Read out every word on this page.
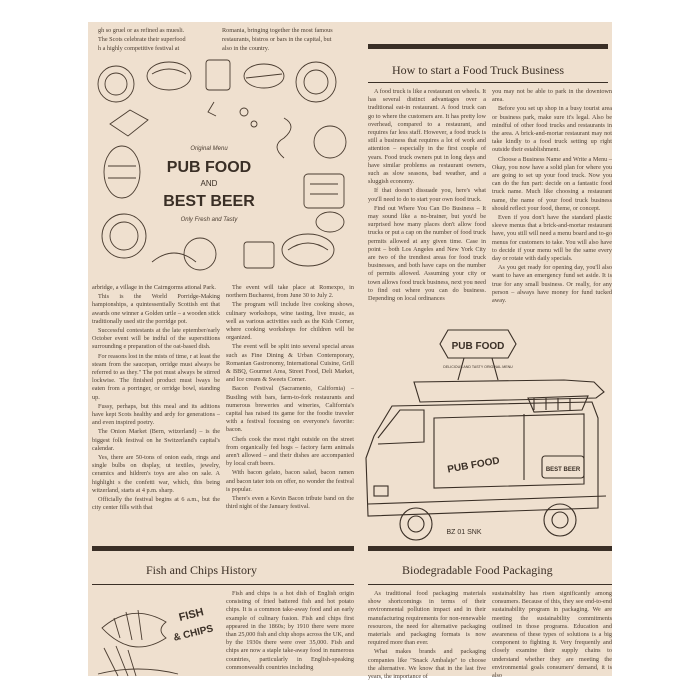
gh so gruel or as refined as muesli.

The Scots celebrate their superfood

h a highly competitive festival at

Romania, bringing together the most famous

restaurants, bistros or bars in the capital, but

also in the country.

Original Menu
PUB FOOD
AND
BEST BEER
Only Fresh and Tasty

arbridge, a village in the Cairngorms ational Park.

This is the World Porridge-Making hampionships, a quintessentially Scottish ent that awards one winner a Golden urtle – a wooden stick traditionally used stir the porridge pot.

Successful contestants at the late eptember/early October event will be indful of the superstitions surrounding e preparation of the oat-based dish.

For reasons lost in the mists of time, r at least the steam from the saucepan, orridge must always be referred to as they." The pot must always be stirred lockwise. The finished product must lways be eaten from a porringer, or orridge bowl, standing up.

Fussy, perhaps, but this meal and its aditions have kept Scots healthy and ardy for generations – and even inspired poetry.

The Onion Market (Bern, witzerland) – is the biggest folk festival on he Switzerland's capital's calendar.

Yes, there are 50-tons of onion eads, rings and single bulbs on display, ut textiles, jewelry, ceramics and hildren's toys are also on sale. A highlight s the confetti war, which, this being witzerland, starts at 4 p.m. sharp.

Officially the festival begins at 6 a.m., but the city center fills with that

The event will take place at Romexpo, in northern Bucharest, from June 30 to July 2.

The program will include live cooking shows, culinary workshops, wine tasting, live music, as well as various activities such as the Kids Corner, where cooking workshops for children will be organized.

The event will be split into several special areas such as Fine Dining & Urban Contemporary, Romanian Gastronomy, International Cuisine, Grill & BBQ, Gourmet Area, Street Food, Deli Market, and Ice cream & Sweets Corner.

Bacon Festival (Sacramento, California) – Bustling with bars, farm-to-fork restaurants and numerous breweries and wineries, California's capital has raised its game for the foodie traveler with a festival focusing on everyone's favorite: bacon.

Chefs cook the most right outside on the street from organically fed hogs – factory farm animals aren't allowed – and their dishes are accompanied by local craft beers.

With bacon gelato, bacon salad, bacon ramen and bacon tater tots on offer, no wonder the festival is popular.

There's even a Kevin Bacon tribute band on the third night of the January festival.

How to start a Food Truck Business

A food truck is like a restaurant on wheels. It has several distinct advantages over a traditional eat-in restaurant. A food truck can go to where the customers are. It has pretty low overhead, compared to a restaurant, and requires far less staff. However, a food truck is still a business that requires a lot of work and attention – especially in the first couple of years. Food truck owners put in long days and have similar problems as restaurant owners, such as slow seasons, bad weather, and a sluggish economy.

If that doesn't dissuade you, here's what you'll need to do to start your own food truck.

Find out Where You Can Do Business – It may sound like a no-brainer, but you'd be surprised how many places don't allow food trucks or put a cap on the number of food truck permits allowed at any given time. Case in point – both Los Angeles and New York City are two of the trendiest areas for food truck businesses, and both have caps on the number of permits allowed. Assuming your city or town allows food truck business, next you need to find out where you can do business. Depending on local ordinances

you may not be able to park in the downtown area.

Before you set up shop in a busy tourist area or business park, make sure it's legal. Also be mindful of other food trucks and restaurants in the area. A brick-and-mortar restaurant may not take kindly to a food truck setting up right outside their establishment.

Choose a Business Name and Write a Menu – Okay, you now have a solid plan for where you are going to set up your food truck. Now you can do the fun part: decide on a fantastic food truck name. Much like choosing a restaurant name, the name of your food truck business should reflect your food, theme, or concept.

Even if you don't have the standard plastic sleeve menus that a brick-and-mortar restaurant have, you still will need a menu board and to-go menus for customers to take. You will also have to decide if your menu will be the same every day or rotate with daily specials.

As you get ready for opening day, you'll also want to have an emergency fund set aside. It is true for any small business. Or really, for any person – always have money for fund tucked away.

PUB FOOD
DELICIOUS AND TASTY ORIGINAL MENU
PUB FOOD	BEST BEER
BZ 01 SNK
Fish and Chips History	Biodegradable Food Packaging
FISH
& CHIPS

Fish and chips is a hot dish of English origin consisting of fried battered fish and hot potato chips. It is a common take-away food and an early example of culinary fusion. Fish and chips first appeared in the 1860s; by 1910 there were more than 25,000 fish and chip shops across the UK, and by the 1930s there were over 35,000. Fish and chips are now a staple take-away food in numerous countries, particularly in English-speaking commonwealth countries including

As traditional food packaging materials show shortcomings in terms of their environmental pollution impact and in their manufacturing requirements for non-renewable resources, the need for alternative packaging materials and packaging formats is now required more than ever.

What makes brands and packaging companies like "Snack Ambalaje" to choose the alternative. We know that in the last five years, the importance of

sustainability has risen significantly among consumers. Because of this, they see end-to-end sustainability program in packaging. We are meeting the sustainability commitments outlined in those programs. Education and awareness of these types of solutions is a big component to fighting it. Very frequently and closely examine their supply chains to understand whether they are meeting the environmental goals consumers' demand, it is also
